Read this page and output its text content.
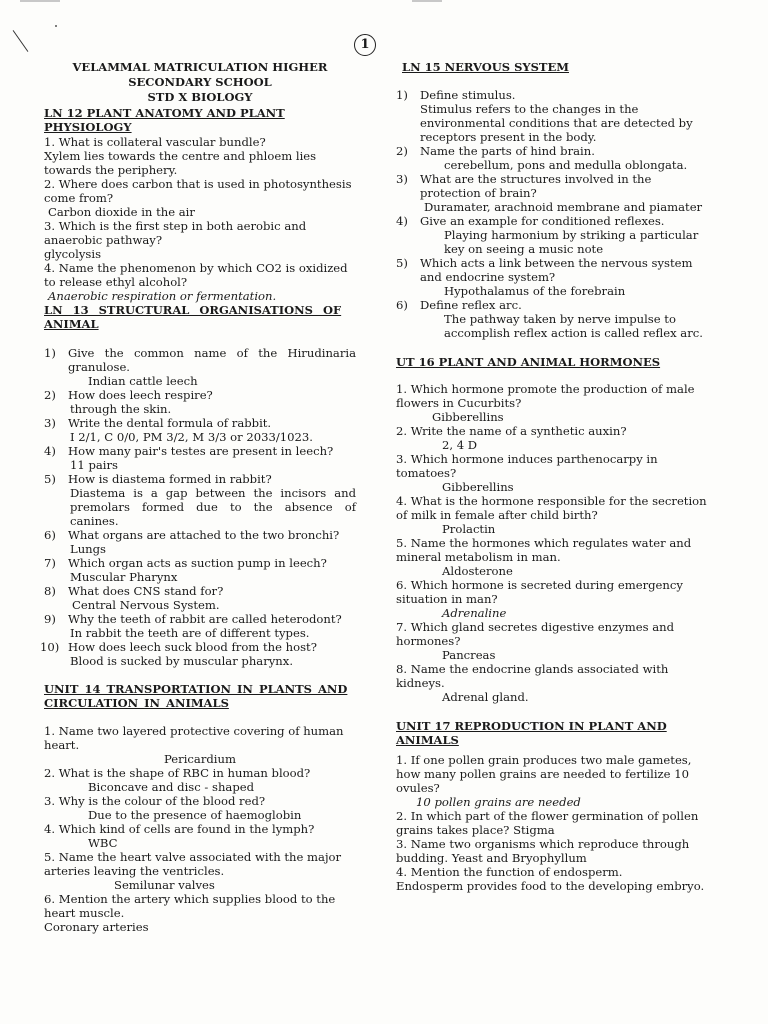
1
VELAMMAL MATRICULATION HIGHER
SECONDARY SCHOOL
STD X BIOLOGY
LN 12 PLANT ANATOMY AND PLANT PHYSIOLOGY
1. What is collateral vascular bundle?
Xylem lies towards the centre and phloem lies towards the periphery.
2. Where does carbon that is used in photosynthesis come from?
Carbon dioxide in the air
3. Which is the first step in both aerobic and anaerobic pathway?
glycolysis
4. Name the phenomenon by which CO2 is oxidized to release ethyl alcohol?
Anaerobic respiration or fermentation.
LN 13 STRUCTURAL ORGANISATIONS OF ANIMAL
1)	Give the common name of the Hirudinaria granulose.
Indian cattle leech
2)	How does leech respire?
through the skin.
3)	Write the dental formula of rabbit.
I 2/1, C 0/0, PM 3/2, M 3/3 or 2033/1023.
4)	How many pair's testes are present in leech?
11 pairs
5)	How is diastema formed in rabbit?
Diastema is a gap between the incisors and premolars formed due to the absence of canines.
6)	What organs are attached to the two bronchi?
Lungs
7)	Which organ acts as suction pump in leech?
Muscular Pharynx
8)	What does CNS stand for?
Central Nervous System.
9)	Why the teeth of rabbit are called heterodont?
In rabbit the teeth are of different types.
10) How does leech suck blood from the host?
Blood is sucked by muscular pharynx.
UNIT 14 TRANSPORTATION IN PLANTS AND CIRCULATION IN ANIMALS
1. Name two layered protective covering of human heart.
Pericardium
2. What is the shape of RBC in human blood?
Biconcave and disc - shaped
3. Why is the colour of the blood red?
Due to the presence of haemoglobin
4. Which kind of cells are found in the lymph?
WBC
5. Name the heart valve associated with the major arteries leaving the ventricles.
Semilunar valves
6. Mention the artery which supplies blood to the heart muscle.
Coronary arteries
LN 15 NERVOUS SYSTEM
1)	Define stimulus.
Stimulus refers to the changes in the environmental conditions that are detected by receptors present in the body.
2)	Name the parts of hind brain.
cerebellum, pons and medulla oblongata.
3)	What are the structures involved in the protection of brain?
Duramater, arachnoid membrane and piamater
4)	Give an example for conditioned reflexes.
Playing harmonium by striking a particular key on seeing a music note
5)	Which acts a link between the nervous system and endocrine system?
Hypothalamus of the forebrain
6)	Define reflex arc.
The pathway taken by nerve impulse to accomplish reflex action is called reflex arc.
UT 16 PLANT AND ANIMAL HORMONES
1. Which hormone promote the production of male flowers in Cucurbits?
Gibberellins
2. Write the name of a synthetic auxin?
2, 4 D
3. Which hormone induces parthenocarpy in tomatoes?
Gibberellins
4. What is the hormone responsible for the secretion of milk in female after child birth?
Prolactin
5. Name the hormones which regulates water and mineral metabolism in man.
Aldosterone
6. Which hormone is secreted during emergency situation in man?
Adrenaline
7. Which gland secretes digestive enzymes and hormones?
Pancreas
8. Name the endocrine glands associated with kidneys.
Adrenal gland.
UNIT 17 REPRODUCTION IN PLANT AND ANIMALS
1. If one pollen grain produces two male gametes, how many pollen grains are needed to fertilize 10 ovules?
10 pollen grains are needed
2. In which part of the flower germination of pollen grains takes place? Stigma
3. Name two organisms which reproduce through budding. Yeast and Bryophyllum
4. Mention the function of endosperm.
Endosperm provides food to the developing embryo.
